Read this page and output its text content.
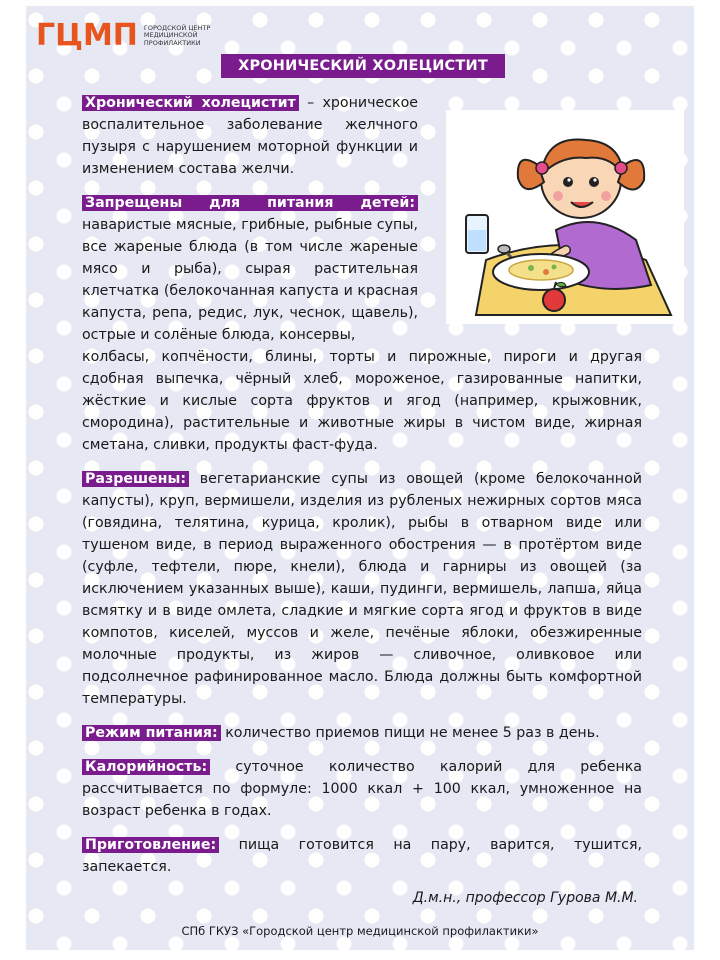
ГЦМП ГОРОДСКОЙ ЦЕНТР МЕДИЦИНСКОЙ ПРОФИЛАКТИКИ
ХРОНИЧЕСКИЙ ХОЛЕЦИСТИТ

Хронический холецистит – хроническое воспалительное заболевание желчного пузыря с нарушением моторной функции и изменением состава желчи.

Запрещены для питания детей: наваристые мясные, грибные, рыбные супы, все жареные блюда (в том числе жареные мясо и рыба), сырая растительная клетчатка (белокочанная капуста и красная капуста, репа, редис, лук, чеснок, щавель), острые и солёные блюда, консервы,

колбасы, копчёности, блины, торты и пирожные, пироги и другая сдобная выпечка, чёрный хлеб, мороженое, газированные напитки, жёсткие и кислые сорта фруктов и ягод (например, крыжовник, смородина), растительные и животные жиры в чистом виде, жирная сметана, сливки, продукты фаст-фуда.

Разрешены: вегетарианские супы из овощей (кроме белокочанной капусты), круп, вермишели, изделия из рубленых нежирных сортов мяса (говядина, телятина, курица, кролик), рыбы в отварном виде или тушеном виде, в период выраженного обострения — в протёртом виде (суфле, тефтели, пюре, кнели), блюда и гарниры из овощей (за исключением указанных выше), каши, пудинги, вермишель, лапша, яйца всмятку и в виде омлета, сладкие и мягкие сорта ягод и фруктов в виде компотов, киселей, муссов и желе, печёные яблоки, обезжиренные молочные продукты, из жиров — сливочное, оливковое или подсолнечное рафинированное масло. Блюда должны быть комфортной температуры.

Режим питания: количество приемов пищи не менее 5 раз в день.

Калорийность: суточное количество калорий для ребенка рассчитывается по формуле: 1000 ккал + 100 ккал, умноженное на возраст ребенка в годах.

Приготовление: пища готовится на пару, варится, тушится, запекается.

Д.м.н., профессор Гурова М.М.
СПб ГКУЗ «Городской центр медицинской профилактики»
